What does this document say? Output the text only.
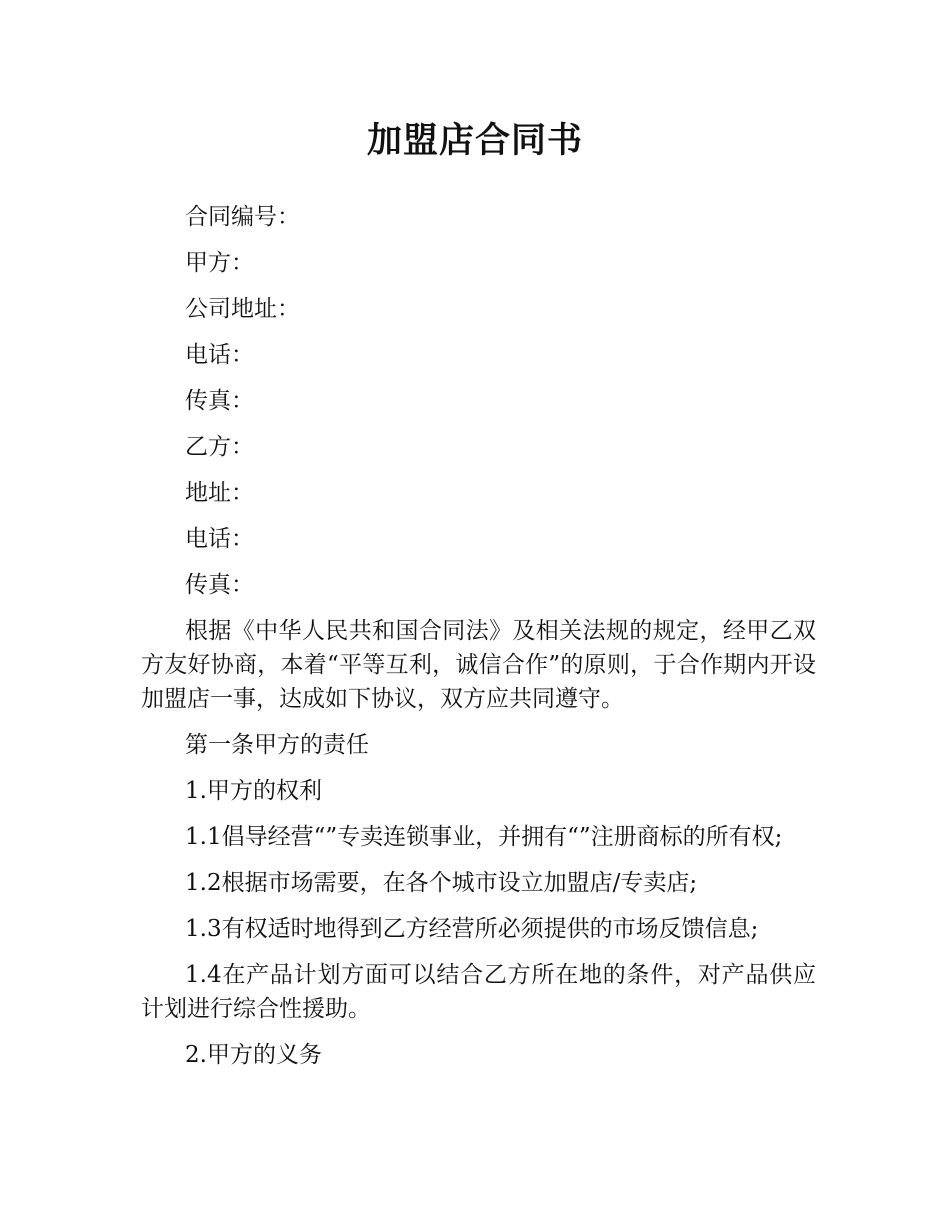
加盟店合同书

合同编号：

甲方：

公司地址：

电话：

传真：

乙方：

地址：

电话：

传真：

根据《中华人民共和国合同法》及相关法规的规定，经甲乙双方友好协商，本着“平等互利，诚信合作”的原则，于合作期内开设加盟店一事，达成如下协议，双方应共同遵守。

第一条甲方的责任

1.甲方的权利

1.1倡导经营“”专卖连锁事业，并拥有“”注册商标的所有权;

1.2根据市场需要，在各个城市设立加盟店/专卖店;

1.3有权适时地得到乙方经营所必须提供的市场反馈信息;

1.4在产品计划方面可以结合乙方所在地的条件，对产品供应计划进行综合性援助。

2.甲方的义务
